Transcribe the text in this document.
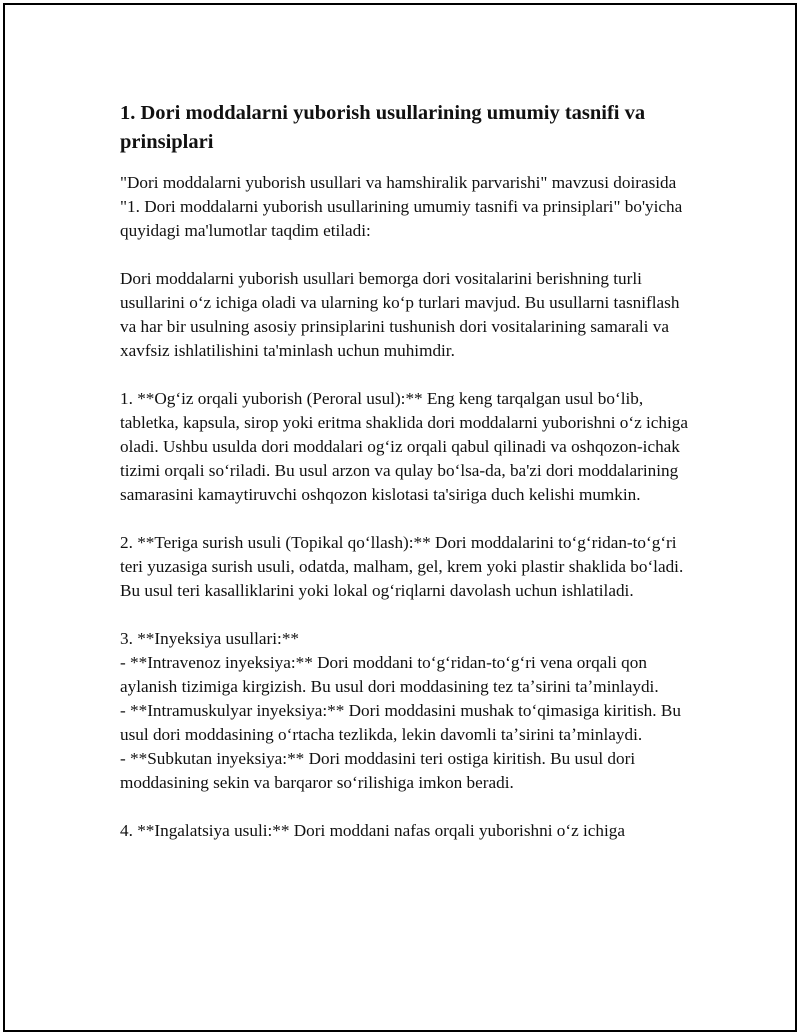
1. Dori moddalarni yuborish usullarining umumiy tasnifi va prinsiplari

"Dori moddalarni yuborish usullari va hamshiralik parvarishi" mavzusi doirasida "1. Dori moddalarni yuborish usullarining umumiy tasnifi va prinsiplari" bo'yicha quyidagi ma'lumotlar taqdim etiladi:

Dori moddalarni yuborish usullari bemorga dori vositalarini berishning turli usullarini oʻz ichiga oladi va ularning koʻp turlari mavjud. Bu usullarni tasniflash va har bir usulning asosiy prinsiplarini tushunish dori vositalarining samarali va xavfsiz ishlatilishini ta'minlash uchun muhimdir.

1. **Ogʻiz orqali yuborish (Peroral usul):** Eng keng tarqalgan usul boʻlib, tabletka, kapsula, sirop yoki eritma shaklida dori moddalarni yuborishni oʻz ichiga oladi. Ushbu usulda dori moddalari ogʻiz orqali qabul qilinadi va oshqozon-ichak tizimi orqali soʻriladi. Bu usul arzon va qulay boʻlsa-da, ba'zi dori moddalarining samarasini kamaytiruvchi oshqozon kislotasi ta'siriga duch kelishi mumkin.

2. **Teriga surish usuli (Topikal qoʻllash):** Dori moddalarini toʻgʻridan-toʻgʻri teri yuzasiga surish usuli, odatda, malham, gel, krem yoki plastir shaklida boʻladi. Bu usul teri kasalliklarini yoki lokal ogʻriqlarni davolash uchun ishlatiladi.

3. **Inyeksiya usullari:**
- **Intravenoz inyeksiya:** Dori moddani toʻgʻridan-toʻgʻri vena orqali qon aylanish tizimiga kirgizish. Bu usul dori moddasining tez taʼsirini taʼminlaydi.
- **Intramuskulyar inyeksiya:** Dori moddasini mushak toʻqimasiga kiritish. Bu usul dori moddasining oʻrtacha tezlikda, lekin davomli taʼsirini taʼminlaydi.
- **Subkutan inyeksiya:** Dori moddasini teri ostiga kiritish. Bu usul dori moddasining sekin va barqaror soʻrilishiga imkon beradi.

4. **Ingalatsiya usuli:** Dori moddani nafas orqali yuborishni oʻz ichiga
